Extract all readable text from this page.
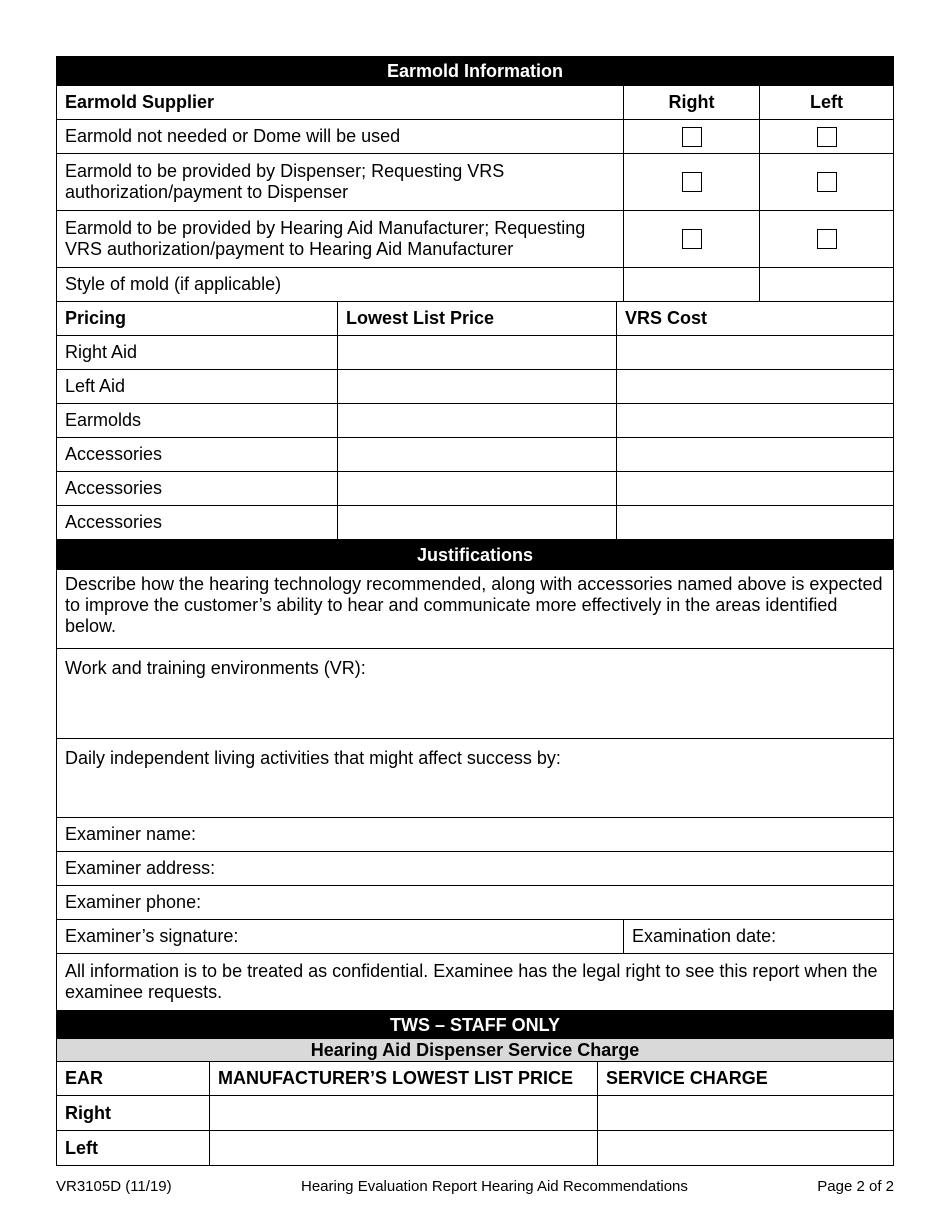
Earmold Information
Earmold Supplier	Right	Left
Earmold not needed or Dome will be used
Earmold to be provided by Dispenser; Requesting VRS authorization/payment to Dispenser
Earmold to be provided by Hearing Aid Manufacturer; Requesting VRS authorization/payment to Hearing Aid Manufacturer
Style of mold (if applicable)
Pricing	Lowest List Price	VRS Cost
Right Aid
Left Aid
Earmolds
Accessories
Accessories
Accessories
Justifications
Describe how the hearing technology recommended, along with accessories named above is expected to improve the customer’s ability to hear and communicate more effectively in the areas identified below.
Work and training environments (VR):
Daily independent living activities that might affect success by:
Examiner name:
Examiner address:
Examiner phone:
Examiner’s signature:	Examination date:
All information is to be treated as confidential. Examinee has the legal right to see this report when the examinee requests.
TWS – STAFF ONLY
Hearing Aid Dispenser Service Charge
EAR	MANUFACTURER’S LOWEST LIST PRICE	SERVICE CHARGE
Right
Left
VR3105D (11/19)	Hearing Evaluation Report Hearing Aid Recommendations	Page 2 of 2
